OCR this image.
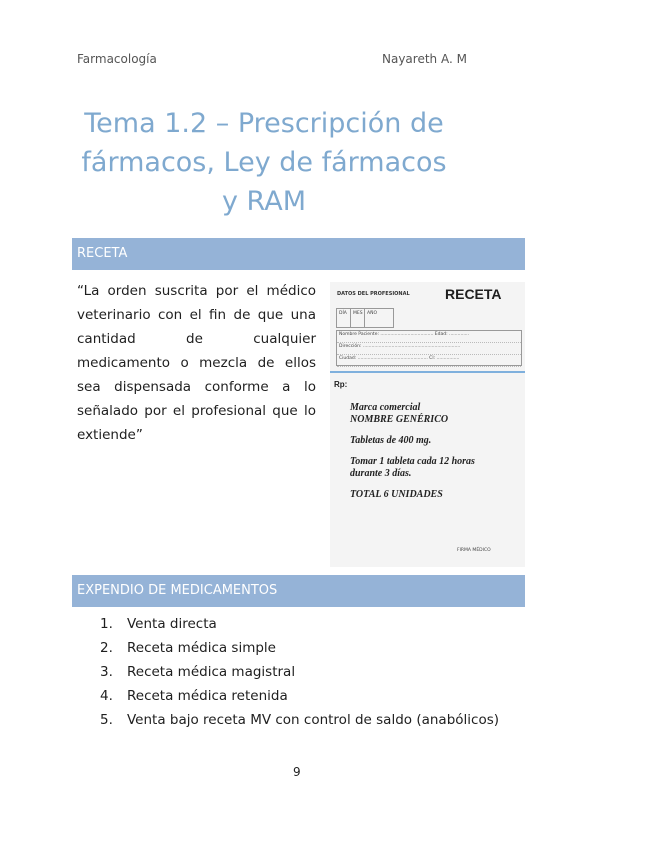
Farmacología	Nayareth A. M
Tema 1.2 – Prescripción de
fármacos, Ley de fármacos
y RAM
RECETA
“La orden suscrita por el médico veterinario con el fin de que una cantidad de cualquier medicamento o mezcla de ellos sea dispensada conforme a lo señalado por el profesional que lo extiende”
DATOS DEL PROFESIONAL	RECETA
DÍA	MES AÑO
Nombre Paciente: ..................................... Edad: ..............
Dirección: ....................................................................
Ciudad: ................................................. Cl: ................
Rp:

Marca comercial
NOMBRE GENÉRICO

Tabletas de 400 mg.

Tomar 1 tableta cada 12 horas
durante 3 días.

TOTAL 6 UNIDADES

FIRMA MÉDICO
EXPENDIO DE MEDICAMENTOS
1.	Venta directa
2.	Receta médica simple
3.	Receta médica magistral
4.	Receta médica retenida
5.	Venta bajo receta MV con control de saldo (anabólicos)
9
